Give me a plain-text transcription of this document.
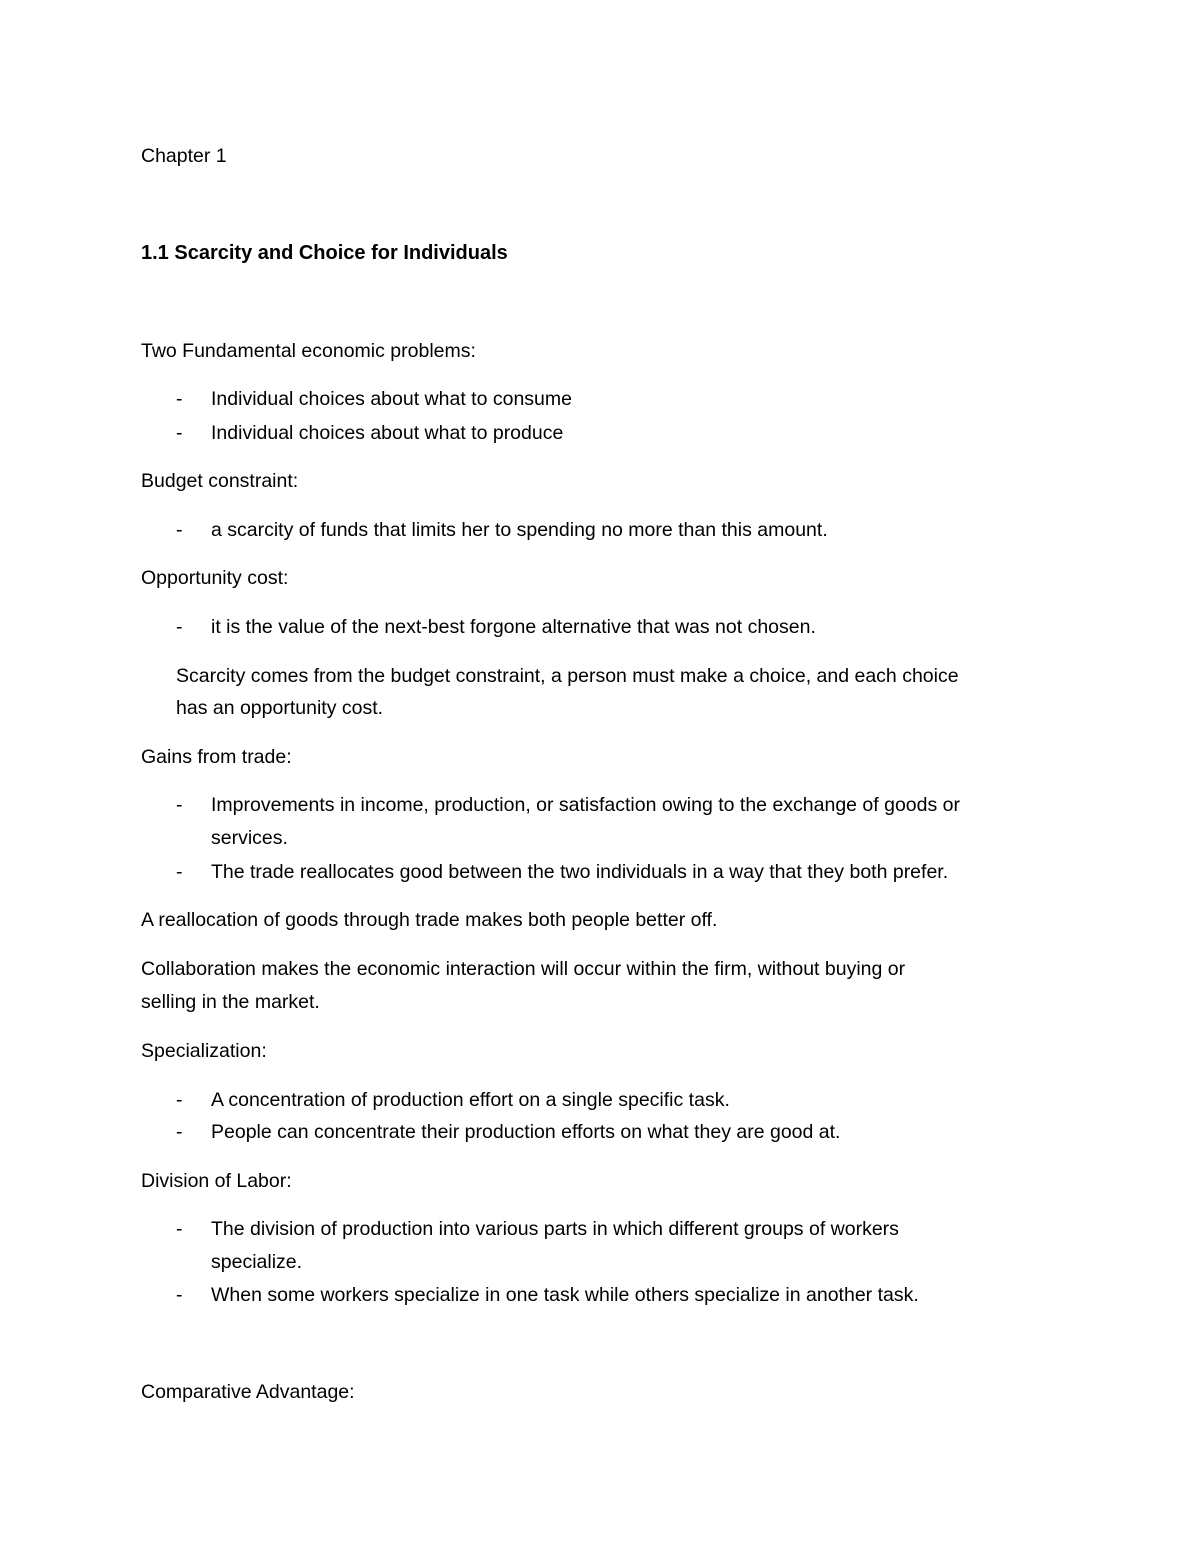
Chapter 1

1.1 Scarcity and Choice for Individuals

Two Fundamental economic problems:

- Individual choices about what to consume
- Individual choices about what to produce

Budget constraint:

- a scarcity of funds that limits her to spending no more than this amount.

Opportunity cost:

- it is the value of the next-best forgone alternative that was not chosen.

Scarcity comes from the budget constraint, a person must make a choice, and each choice

has an opportunity cost.

Gains from trade:

- Improvements in income, production, or satisfaction owing to the exchange of goods or
services.
- The trade reallocates good between the two individuals in a way that they both prefer.

A reallocation of goods through trade makes both people better off.

Collaboration makes the economic interaction will occur within the firm, without buying or

selling in the market.

Specialization:

- A concentration of production effort on a single specific task.
- People can concentrate their production efforts on what they are good at.

Division of Labor:

- The division of production into various parts in which different groups of workers
specialize.
- When some workers specialize in one task while others specialize in another task.

Comparative Advantage:
